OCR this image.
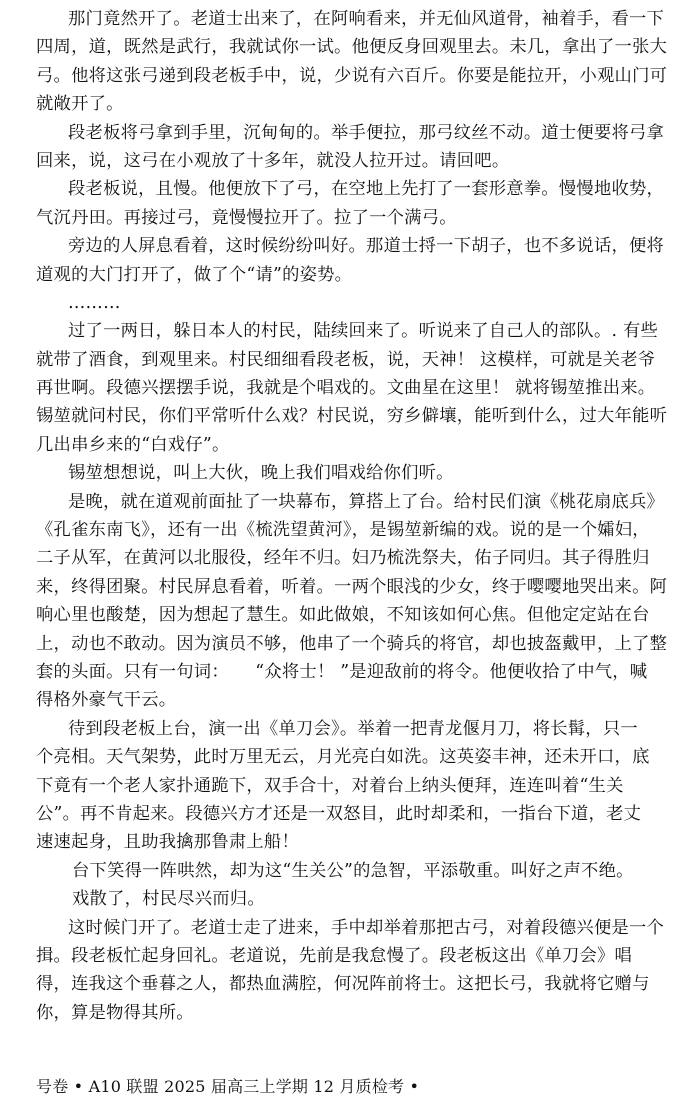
那门竟然开了。老道士出来了，在阿响看来，并无仙风道骨，袖着手，看一下
四周，道，既然是武行，我就试你一试。他便反身回观里去。未几，拿出了一张大
弓。他将这张弓递到段老板手中，说，少说有六百斤。你要是能拉开，小观山门可
就敞开了。
段老板将弓拿到手里，沉甸甸的。举手便拉，那弓纹丝不动。道士便要将弓拿
回来，说，这弓在小观放了十多年，就没人拉开过。请回吧。
段老板说，且慢。他便放下了弓，在空地上先打了一套形意拳。慢慢地收势，
气沉丹田。再接过弓，竟慢慢拉开了。拉了一个满弓。
旁边的人屏息看着，这时候纷纷叫好。那道士捋一下胡子，也不多说话，便将
道观的大门打开了，做了个“请”的姿势。
………
过了一两日，躲日本人的村民，陆续回来了。听说来了自己人的部队。. 有些
就带了酒食，到观里来。村民细细看段老板，说，天神！ 这模样，可就是关老爷
再世啊。段德兴摆摆手说，我就是个唱戏的。文曲星在这里！ 就将锡堃推出来。
锡堃就问村民，你们平常听什么戏？村民说，穷乡僻壤，能听到什么，过大年能听
几出串乡来的“白戏仔”。
锡堃想想说，叫上大伙，晚上我们唱戏给你们听。
是晚，就在道观前面扯了一块幕布，算搭上了台。给村民们演《桃花扇底兵》
《孔雀东南飞》，还有一出《梳洗望黄河》，是锡堃新编的戏。说的是一个孀妇，
二子从军，在黄河以北服役，经年不归。妇乃梳洗祭夫，佑子同归。其子得胜归
来，终得团聚。村民屏息看着，听着。一两个眼浅的少女，终于嘤嘤地哭出来。阿
响心里也酸楚，因为想起了慧生。如此做娘，不知该如何心焦。但他定定站在台
上，动也不敢动。因为演员不够，他串了一个骑兵的将官，却也披盔戴甲，上了整
套的头面。只有一句词：　　“众将士！ ”是迎敌前的将令。他便收拾了中气，喊
得格外豪气干云。
待到段老板上台，演一出《单刀会》。举着一把青龙偃月刀，将长髯，只一
个亮相。天气架势，此时万里无云，月光亮白如洗。这英姿丰神，还未开口，底
下竟有一个老人家扑通跪下，双手合十，对着台上纳头便拜，连连叫着“生关
公”。再不肯起来。段德兴方才还是一双怒目，此时却柔和，一指台下道，老丈
速速起身，且助我擒那鲁肃上船！
台下笑得一阵哄然，却为这“生关公”的急智，平添敬重。叫好之声不绝。
戏散了，村民尽兴而归。
这时候门开了。老道士走了进来，手中却举着那把古弓，对着段德兴便是一个
揖。段老板忙起身回礼。老道说，先前是我怠慢了。段老板这出《单刀会》唱
得，连我这个垂暮之人，都热血满腔，何况阵前将士。这把长弓，我就将它赠与
你，算是物得其所。
号卷 • A10 联盟 2025 届高三上学期 12 月质检考 •
